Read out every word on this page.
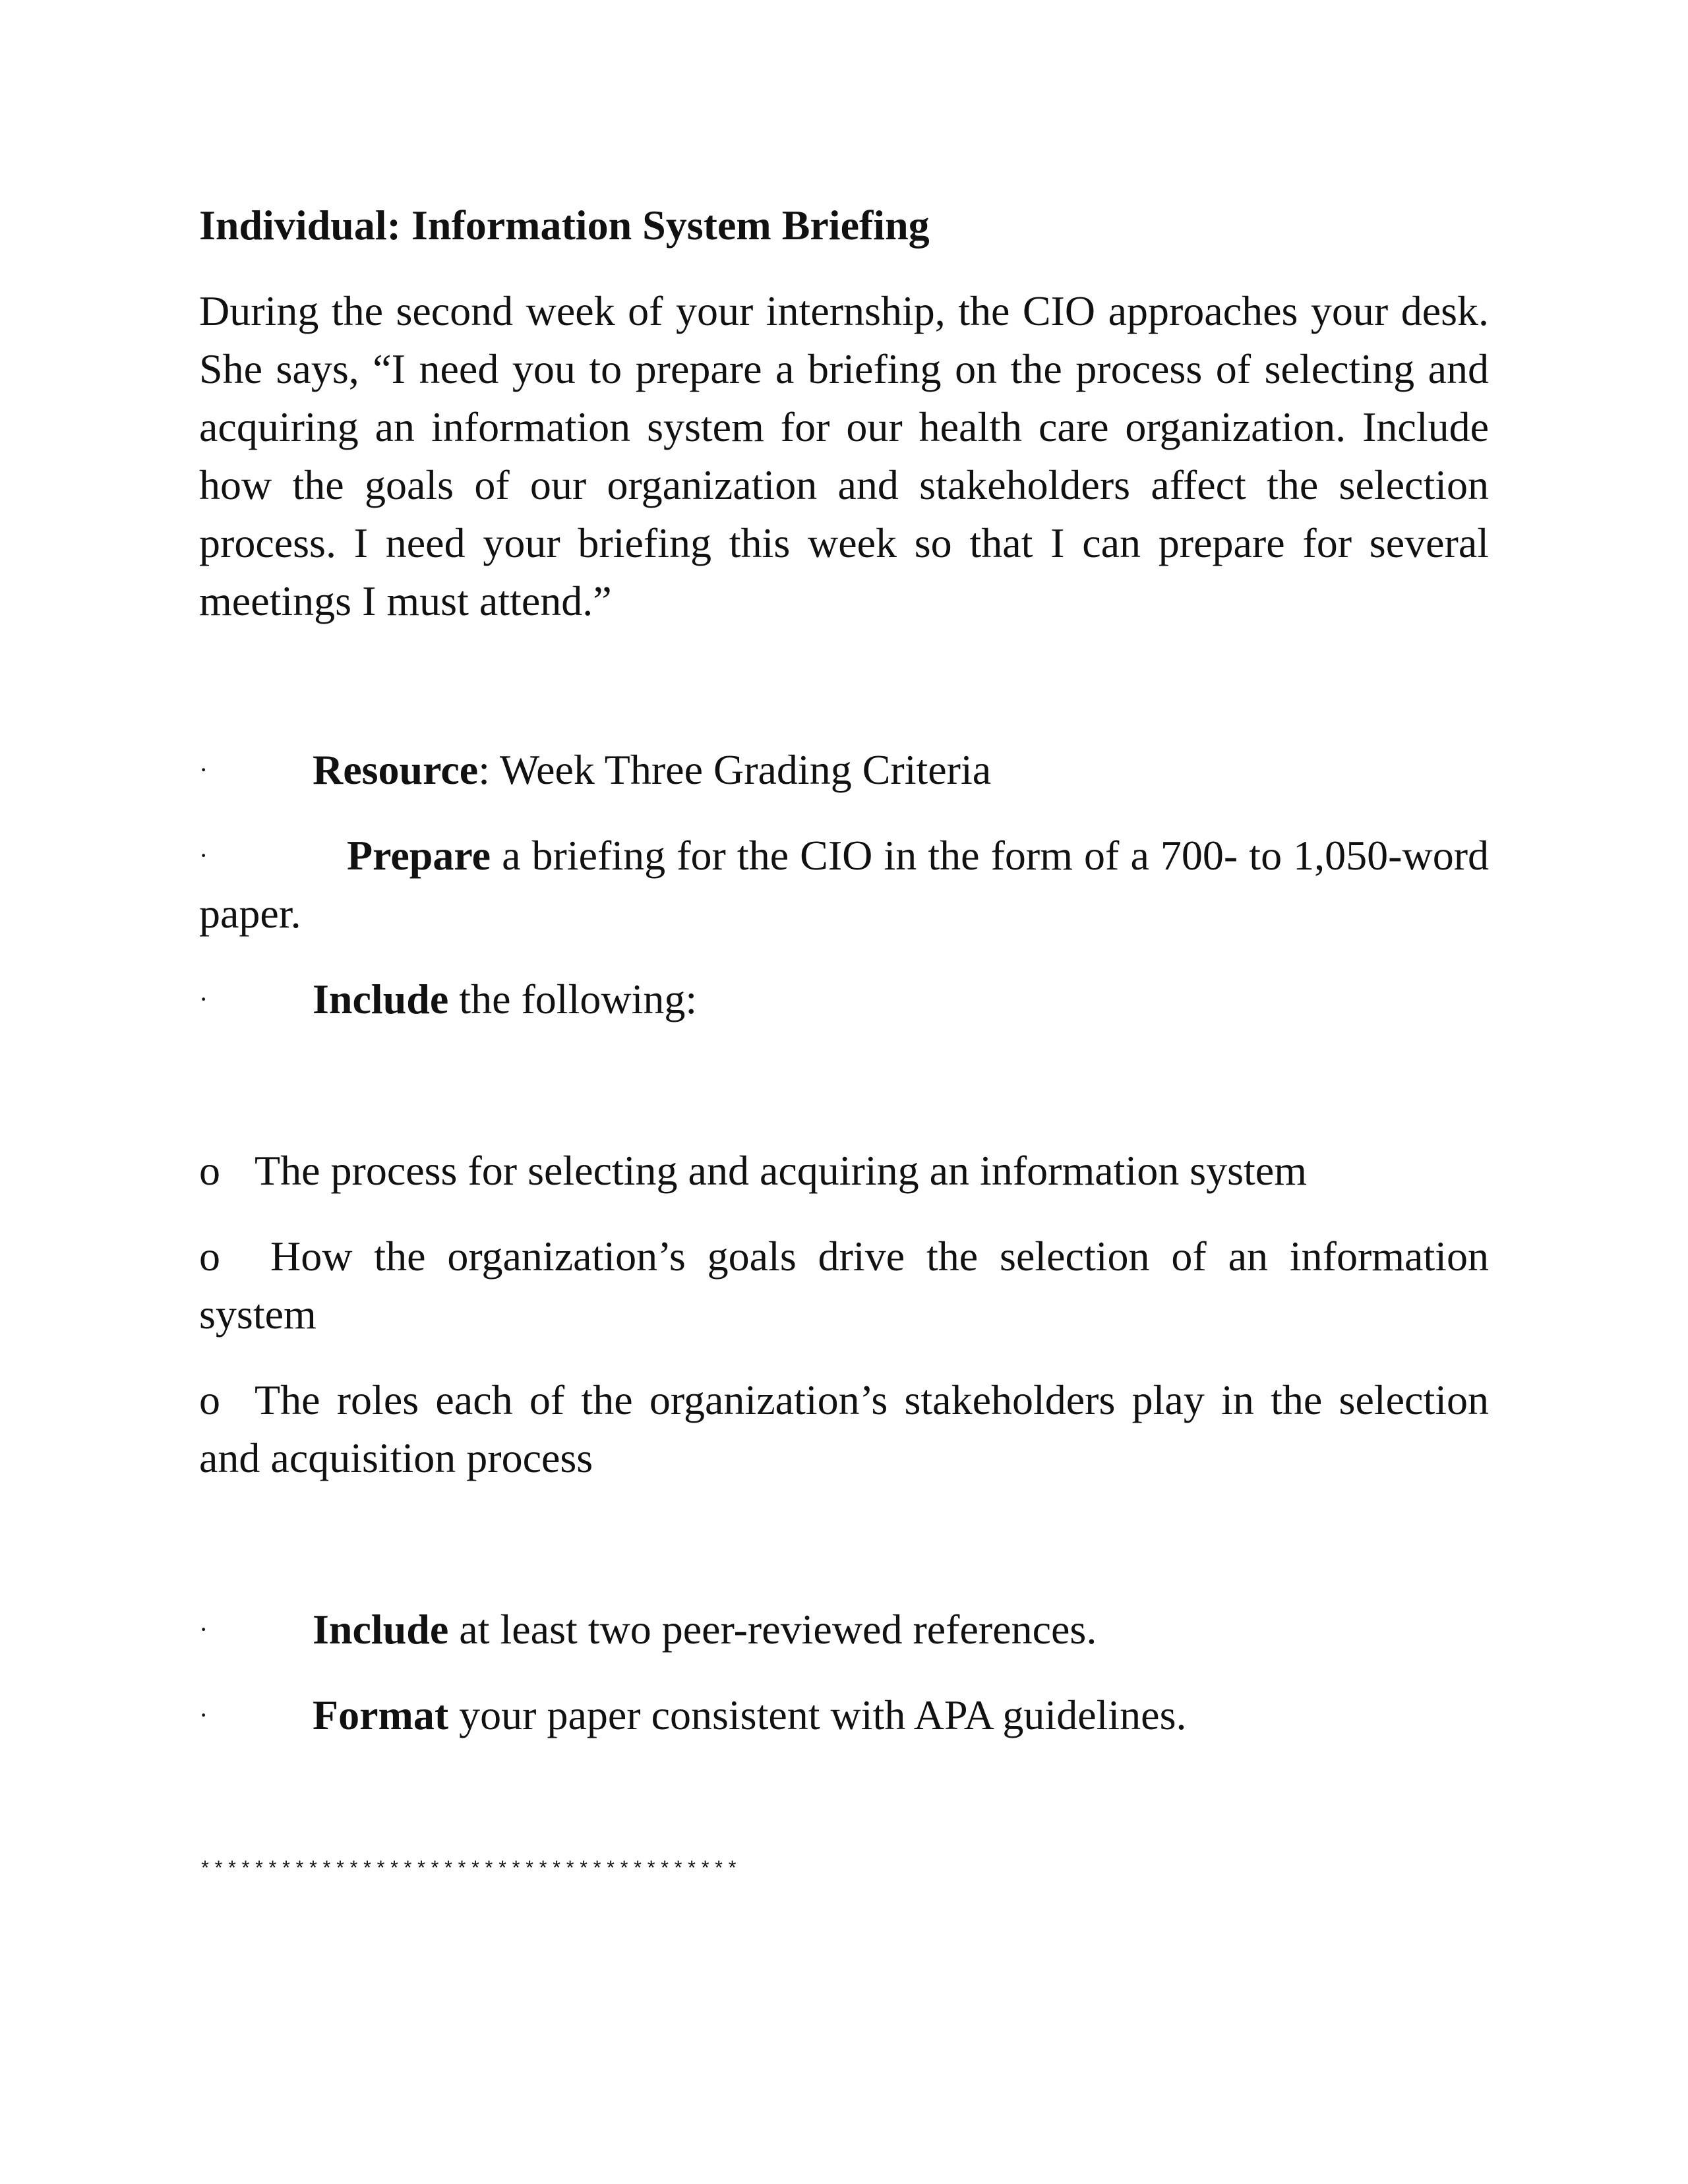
Individual: Information System Briefing

During the second week of your internship, the CIO approaches your desk. She says, “I need you to prepare a briefing on the process of selecting and acquiring an information system for our health care organization. Include how the goals of our organization and stakeholders affect the selection process. I need your briefing this week so that I can prepare for several meetings I must attend.”

· Resource: Week Three Grading Criteria

·	Prepare a briefing for the CIO in the form of a 700- to 1,050-word paper.

· Include the following:

o The process for selecting and acquiring an information system

o How the organization’s goals drive the selection of an information system

o The roles each of the organization’s stakeholders play in the selection and acquisition process

· Include at least two peer-reviewed references.

· Format your paper consistent with APA guidelines.

****************************************
